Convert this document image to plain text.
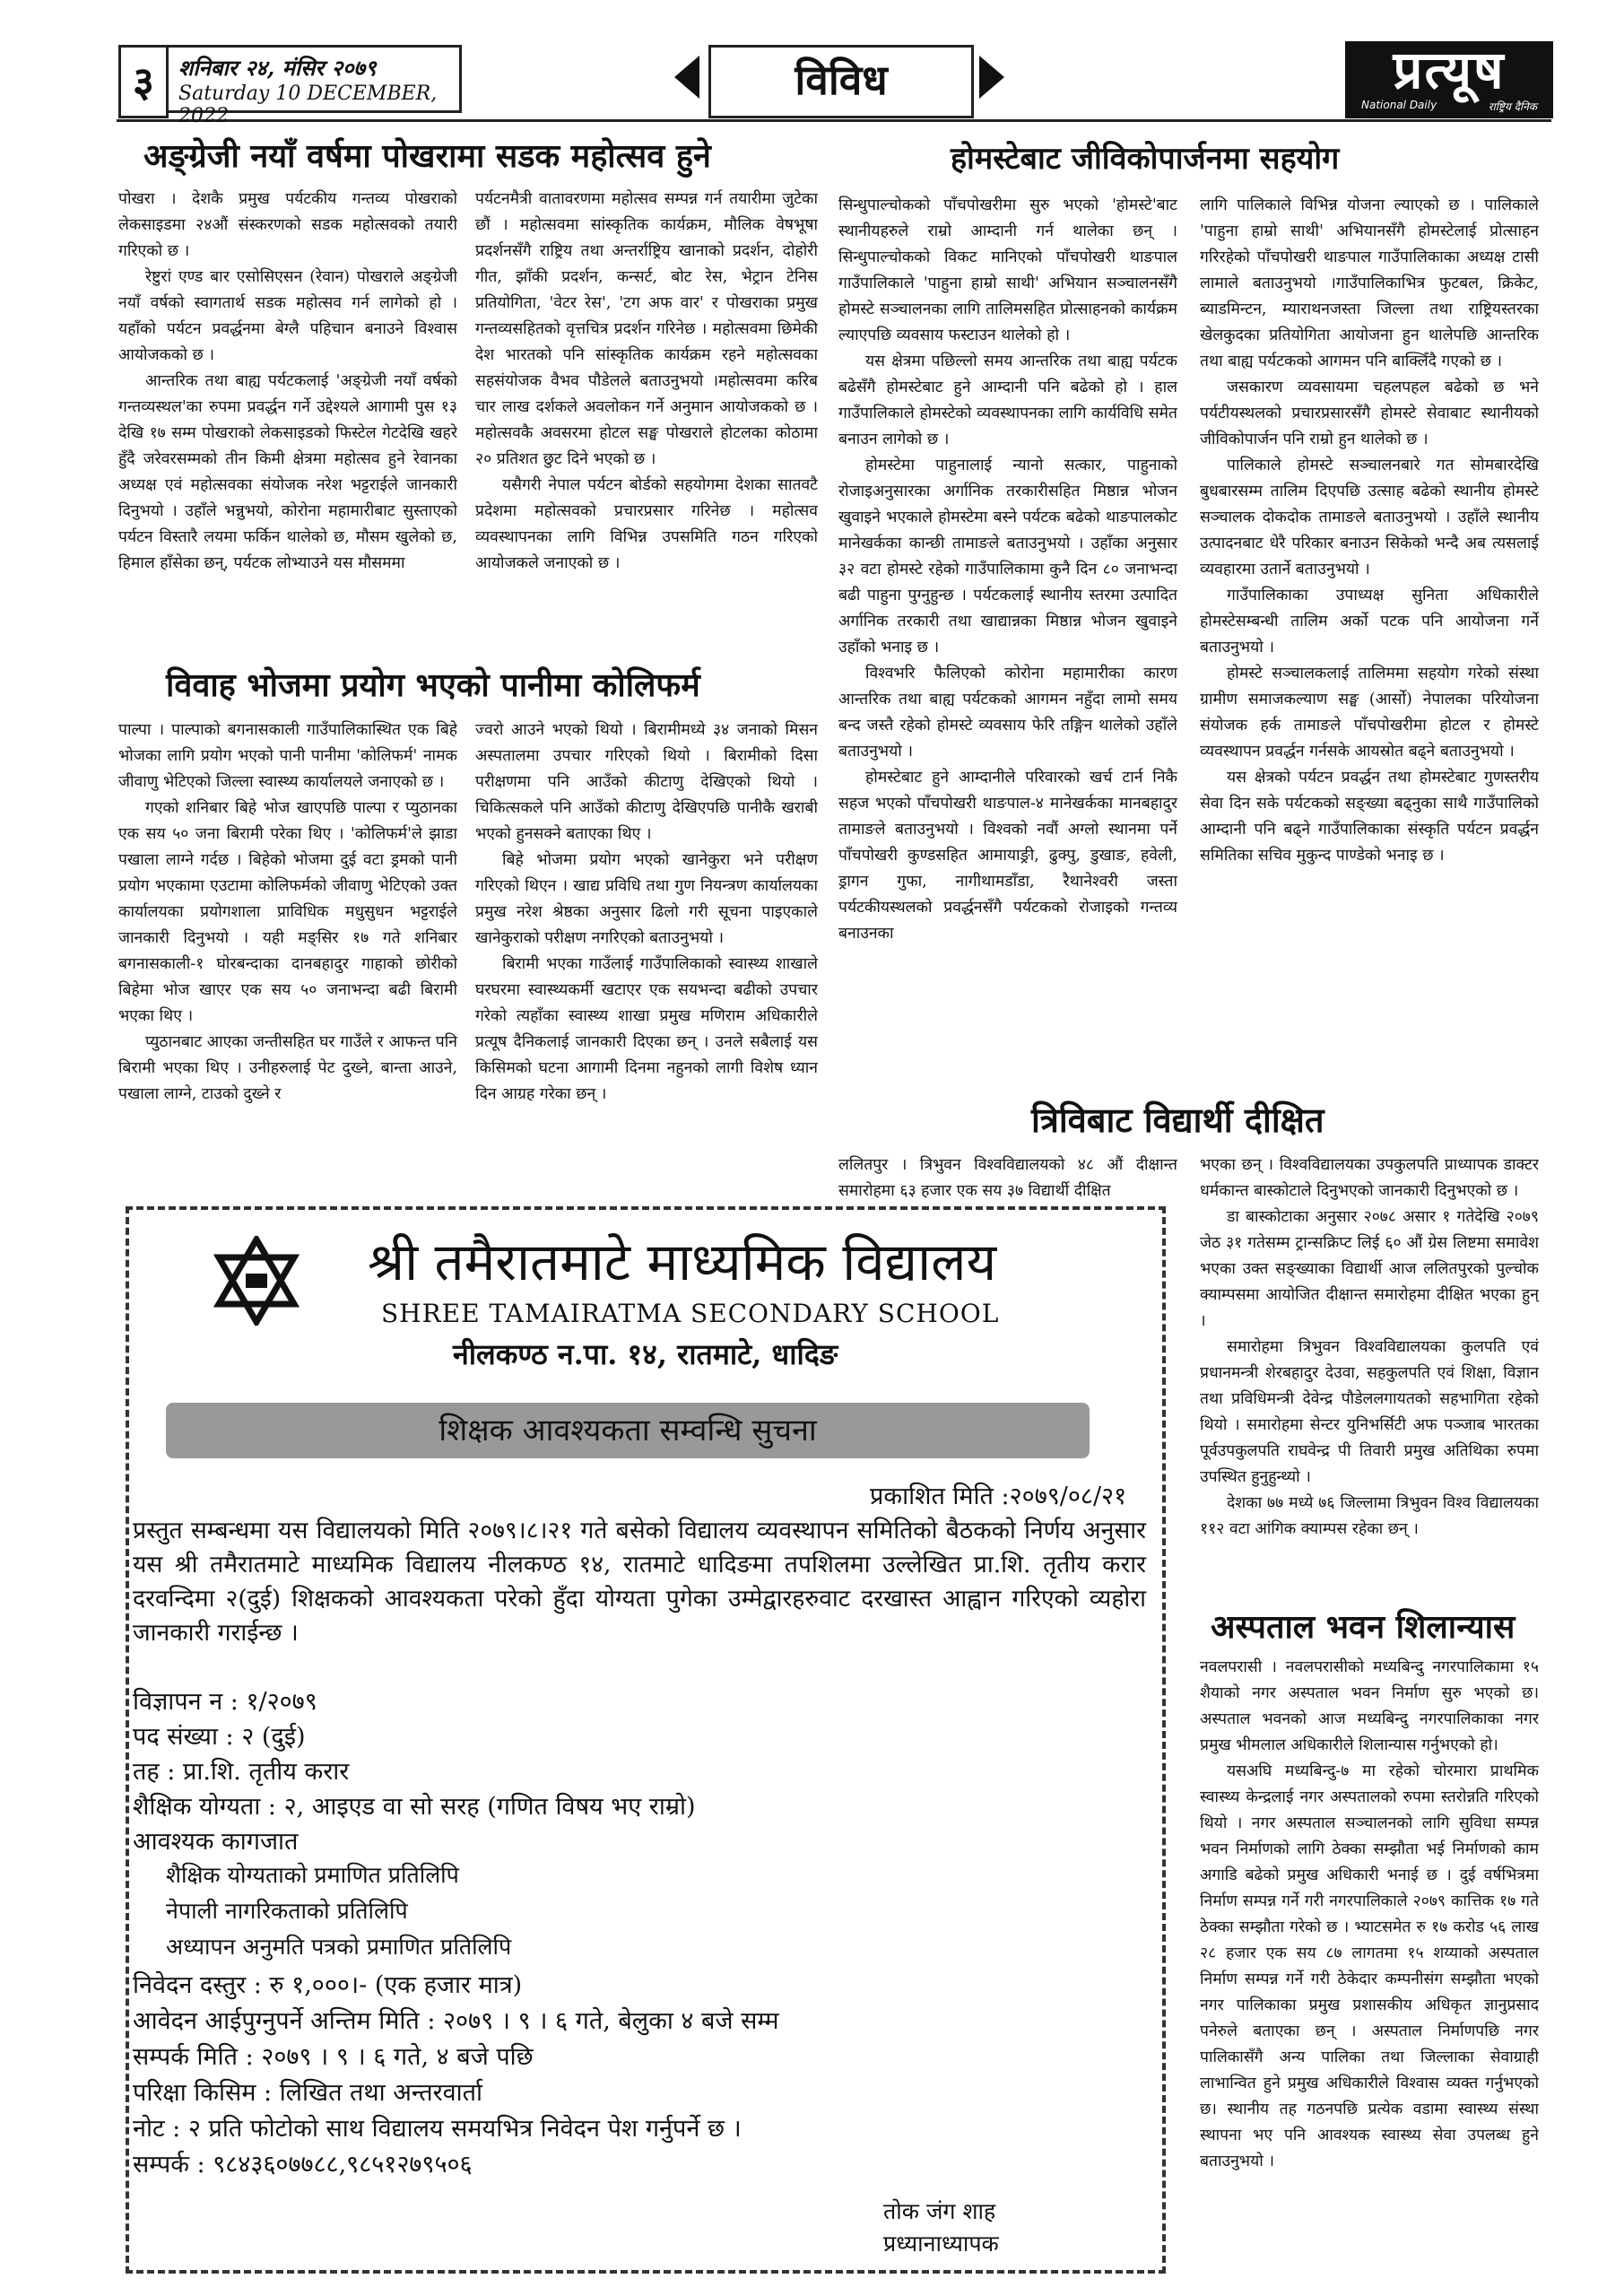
३	शनिबार २४, मंसिर २०७९
Saturday 10 DECEMBER, 2022
विविध	प्रत्यूष
National Daily	राष्ट्रिय दैनिक
अङ्ग्रेजी नयाँ वर्षमा पोखरामा सडक महोत्सव हुने

पोखरा । देशकै प्रमुख पर्यटकीय गन्तव्य पोखराको लेकसाइडमा २४औं संस्करणको सडक महोत्सवको तयारी गरिएको छ ।

रेष्टुरां एण्ड बार एसोसिएसन (रेवान) पोखराले अङ्ग्रेजी नयाँ वर्षको स्वागतार्थ सडक महोत्सव गर्न लागेको हो । यहाँको पर्यटन प्रवर्द्धनमा बेग्लै पहिचान बनाउने विश्वास आयोजकको छ ।

आन्तरिक तथा बाह्य पर्यटकलाई 'अङ्ग्रेजी नयाँ वर्षको गन्तव्यस्थल'का रुपमा प्रवर्द्धन गर्ने उद्देश्यले आगामी पुस १३ देखि १७ सम्म पोखराको लेकसाइडको फिस्टेल गेटदेखि खहरे हुँदै जरेवरसम्मको तीन किमी क्षेत्रमा महोत्सव हुने रेवानका अध्यक्ष एवं महोत्सवका संयोजक नरेश भट्टराईले जानकारी दिनुभयो । उहाँले भन्नुभयो, कोरोना महामारीबाट सुस्ताएको पर्यटन विस्तारै लयमा फर्किन थालेको छ, मौसम खुलेको छ, हिमाल हाँसेका छन्, पर्यटक लोभ्याउने यस मौसममा

पर्यटनमैत्री वातावरणमा महोत्सव सम्पन्न गर्न तयारीमा जुटेका छौं । महोत्सवमा सांस्कृतिक कार्यक्रम, मौलिक वेषभूषा प्रदर्शनसँगै राष्ट्रिय तथा अन्तर्राष्ट्रिय खानाको प्रदर्शन, दोहोरी गीत, झाँकी प्रदर्शन, कन्सर्ट, बोट रेस, भेट्रान टेनिस प्रतियोगिता, 'वेटर रेस', 'टग अफ वार' र पोखराका प्रमुख गन्तव्यसहितको वृत्तचित्र प्रदर्शन गरिनेछ । महोत्सवमा छिमेकी देश भारतको पनि सांस्कृतिक कार्यक्रम रहने महोत्सवका सहसंयोजक वैभव पौडेलले बताउनुभयो ।महोत्सवमा करिब चार लाख दर्शकले अवलोकन गर्ने अनुमान आयोजकको छ । महोत्सवकै अवसरमा होटल सङ्घ पोखराले होटलका कोठामा २० प्रतिशत छुट दिने भएको छ ।

यसैगरी नेपाल पर्यटन बोर्डको सहयोगमा देशका सातवटै प्रदेशमा महोत्सवको प्रचारप्रसार गरिनेछ । महोत्सव व्यवस्थापनका लागि विभिन्न उपसमिति गठन गरिएको आयोजकले जनाएको छ ।

विवाह भोजमा प्रयोग भएको पानीमा कोलिफर्म

पाल्पा । पाल्पाको बगनासकाली गाउँपालिकास्थित एक बिहे भोजका लागि प्रयोग भएको पानी पानीमा 'कोलिफर्म' नामक जीवाणु भेटिएको जिल्ला स्वास्थ्य कार्यालयले जनाएको छ ।

गएको शनिबार बिहे भोज खाएपछि पाल्पा र प्युठानका एक सय ५० जना बिरामी परेका थिए । 'कोलिफर्म'ले झाडा पखाला लाग्ने गर्दछ । बिहेको भोजमा दुई वटा ड्रमको पानी प्रयोग भएकामा एउटामा कोलिफर्मको जीवाणु भेटिएको उक्त कार्यालयका प्रयोगशाला प्राविधिक मधुसुधन भट्टराईले जानकारी दिनुभयो । यही मङ्सिर १७ गते शनिबार बगनासकाली-१ घोरबन्दाका दानबहादुर गाहाको छोरीको बिहेमा भोज खाएर एक सय ५० जनाभन्दा बढी बिरामी भएका थिए ।

प्युठानबाट आएका जन्तीसहित घर गाउँले र आफन्त पनि बिरामी भएका थिए । उनीहरुलाई पेट दुख्ने, बान्ता आउने, पखाला लाग्ने, टाउको दुख्ने र

ज्वरो आउने भएको थियो । बिरामीमध्ये ३४ जनाको मिसन अस्पतालमा उपचार गरिएको थियो । बिरामीको दिसा परीक्षणमा पनि आउँको कीटाणु देखिएको थियो । चिकित्सकले पनि आउँको कीटाणु देखिएपछि पानीकै खराबी भएको हुनसक्ने बताएका थिए ।

बिहे भोजमा प्रयोग भएको खानेकुरा भने परीक्षण गरिएको थिएन । खाद्य प्रविधि तथा गुण नियन्त्रण कार्यालयका प्रमुख नरेश श्रेष्ठका अनुसार ढिलो गरी सूचना पाइएकाले खानेकुराको परीक्षण नगरिएको बताउनुभयो ।

बिरामी भएका गाउँलाई गाउँपालिकाको स्वास्थ्य शाखाले घरघरमा स्वास्थ्यकर्मी खटाएर एक सयभन्दा बढीको उपचार गरेको त्यहाँका स्वास्थ्य शाखा प्रमुख मणिराम अधिकारीले प्रत्यूष दैनिकलाई जानकारी दिएका छन् । उनले सबैलाई यस किसिमको घटना आगामी दिनमा नहुनको लागी विशेष ध्यान दिन आग्रह गरेका छन् ।

होमस्टेबाट जीविकोपार्जनमा सहयोग

सिन्धुपाल्चोकको पाँचपोखरीमा सुरु भएको 'होमस्टे'बाट स्थानीयहरुले राम्रो आम्दानी गर्न थालेका छन् । सिन्धुपाल्चोकको विकट मानिएको पाँचपोखरी थाङपाल गाउँपालिकाले 'पाहुना हाम्रो साथी' अभियान सञ्चालनसँगै होमस्टे सञ्चालनका लागि तालिमसहित प्रोत्साहनको कार्यक्रम ल्याएपछि व्यवसाय फस्टाउन थालेको हो ।

यस क्षेत्रमा पछिल्लो समय आन्तरिक तथा बाह्य पर्यटक बढेसँगै होमस्टेबाट हुने आम्दानी पनि बढेको हो । हाल गाउँपालिकाले होमस्टेको व्यवस्थापनका लागि कार्यविधि समेत बनाउन लागेको छ ।

होमस्टेमा पाहुनालाई न्यानो सत्कार, पाहुनाको रोजाइअनुसारका अर्गानिक तरकारीसहित मिष्ठान्न भोजन खुवाइने भएकाले होमस्टेमा बस्ने पर्यटक बढेको थाङपालकोट मानेखर्कका कान्छी तामाङले बताउनुभयो । उहाँका अनुसार ३२ वटा होमस्टे रहेको गाउँपालिकामा कुनै दिन ८० जनाभन्दा बढी पाहुना पुग्नुहुन्छ । पर्यटकलाई स्थानीय स्तरमा उत्पादित अर्गानिक तरकारी तथा खाद्यान्नका मिष्ठान्न भोजन खुवाइने उहाँको भनाइ छ ।

विश्वभरि फैलिएको कोरोना महामारीका कारण आन्तरिक तथा बाह्य पर्यटकको आगमन नहुँदा लामो समय बन्द जस्तै रहेको होमस्टे व्यवसाय फेरि तङ्गिन थालेको उहाँले बताउनुभयो ।

होमस्टेबाट हुने आम्दानीले परिवारको खर्च टार्न निकै सहज भएको पाँचपोखरी थाङपाल-४ मानेखर्कका मानबहादुर तामाङले बताउनुभयो । विश्वको नवौं अग्लो स्थानमा पर्ने पाँचपोखरी कुण्डसहित आमायाङ्री, ढुक्पु, डुखाङ, हवेली, ड्रागन गुफा, नागीथामडाँडा, रैथानेश्वरी जस्ता पर्यटकीयस्थलको प्रवर्द्धनसँगै पर्यटकको रोजाइको गन्तव्य बनाउनका

लागि पालिकाले विभिन्न योजना ल्याएको छ । पालिकाले 'पाहुना हाम्रो साथी' अभियानसँगै होमस्टेलाई प्रोत्साहन गरिरहेको पाँचपोखरी थाङपाल गाउँपालिकाका अध्यक्ष टासी लामाले बताउनुभयो ।गाउँपालिकाभित्र फुटबल, क्रिकेट, ब्याडमिन्टन, म्याराथनजस्ता जिल्ला तथा राष्ट्रियस्तरका खेलकुदका प्रतियोगिता आयोजना हुन थालेपछि आन्तरिक तथा बाह्य पर्यटकको आगमन पनि बाक्लिँदै गएको छ ।

जसकारण व्यवसायमा चहलपहल बढेको छ भने पर्यटीयस्थलको प्रचारप्रसारसँगै होमस्टे सेवाबाट स्थानीयको जीविकोपार्जन पनि राम्रो हुन थालेको छ ।

पालिकाले होमस्टे सञ्चालनबारे गत सोमबारदेखि बुधबारसम्म तालिम दिएपछि उत्साह बढेको स्थानीय होमस्टे सञ्चालक दोकदोक तामाङले बताउनुभयो । उहाँले स्थानीय उत्पादनबाट धेरै परिकार बनाउन सिकेको भन्दै अब त्यसलाई व्यवहारमा उतार्ने बताउनुभयो ।

गाउँपालिकाका उपाध्यक्ष सुनिता अधिकारीले होमस्टेसम्बन्धी तालिम अर्को पटक पनि आयोजना गर्ने बताउनुभयो ।

होमस्टे सञ्चालकलाई तालिममा सहयोग गरेको संस्था ग्रामीण समाजकल्याण सङ्घ (आर्सो) नेपालका परियोजना संयोजक हर्क तामाङले पाँचपोखरीमा होटल र होमस्टे व्यवस्थापन प्रवर्द्धन गर्नसके आयस्रोत बढ्ने बताउनुभयो ।

यस क्षेत्रको पर्यटन प्रवर्द्धन तथा होमस्टेबाट गुणस्तरीय सेवा दिन सके पर्यटकको सङ्ख्या बढ्नुका साथै गाउँपालिको आम्दानी पनि बढ्ने गाउँपालिकाका संस्कृति पर्यटन प्रवर्द्धन समितिका सचिव मुकुन्द पाण्डेको भनाइ छ ।

त्रिविबाट विद्यार्थी दीक्षित

ललितपुर । त्रिभुवन विश्वविद्यालयको ४८ औं दीक्षान्त समारोहमा ६३ हजार एक सय ३७ विद्यार्थी दीक्षित

भएका छन् । विश्वविद्यालयका उपकुलपति प्राध्यापक डाक्टर धर्मकान्त बास्कोटाले दिनुभएको जानकारी दिनुभएको छ ।

डा बास्कोटाका अनुसार २०७८ असार १ गतेदेखि २०७९ जेठ ३१ गतेसम्म ट्रान्सक्रिप्ट लिई ६० औं ग्रेस लिष्टमा समावेश भएका उक्त सङ्ख्याका विद्यार्थी आज ललितपुरको पुल्चोक क्याम्पसमा आयोजित दीक्षान्त समारोहमा दीक्षित भएका हुन् ।

समारोहमा त्रिभुवन विश्वविद्यालयका कुलपति एवं प्रधानमन्त्री शेरबहादुर देउवा, सहकुलपति एवं शिक्षा, विज्ञान तथा प्रविधिमन्त्री देवेन्द्र पौडेललगायतको सहभागिता रहेको थियो । समारोहमा सेन्टर युनिभर्सिटी अफ पञ्जाब भारतका पूर्वउपकुलपति राघवेन्द्र पी तिवारी प्रमुख अतिथिका रुपमा उपस्थित हुनुहुन्थ्यो ।

देशका ७७ मध्ये ७६ जिल्लामा त्रिभुवन विश्व विद्यालयका ११२ वटा आंगिक क्याम्पस रहेका छन् ।

अस्पताल भवन शिलान्यास

नवलपरासी । नवलपरासीको मध्यबिन्दु नगरपालिकामा १५ शैयाको नगर अस्पताल भवन निर्माण सुरु भएको छ। अस्पताल भवनको आज मध्यबिन्दु नगरपालिकाका नगर प्रमुख भीमलाल अधिकारीले शिलान्यास गर्नुभएको हो।

यसअघि मध्यबिन्दु-७ मा रहेको चोरमारा प्राथमिक स्वास्थ्य केन्द्रलाई नगर अस्पतालको रुपमा स्तरोन्नति गरिएको थियो । नगर अस्पताल सञ्चालनको लागि सुविधा सम्पन्न भवन निर्माणको लागि ठेक्का सम्झौता भई निर्माणको काम अगाडि बढेको प्रमुख अधिकारी भनाई छ । दुई वर्षभित्रमा निर्माण सम्पन्न गर्ने गरी नगरपालिकाले २०७९ कात्तिक १७ गते ठेक्का सम्झौता गरेको छ । भ्याटसमेत रु १७ करोड ५६ लाख २८ हजार एक सय ८७ लागतमा १५ शय्याको अस्पताल निर्माण सम्पन्न गर्ने गरी ठेकेदार कम्पनीसंग सम्झौता भएको नगर पालिकाका प्रमुख प्रशासकीय अधिकृत ज्ञानुप्रसाद पनेरुले बताएका छन् । अस्पताल निर्माणपछि नगर पालिकासँगै अन्य पालिका तथा जिल्लाका सेवाग्राही लाभान्वित हुने प्रमुख अधिकारीले विश्वास व्यक्त गर्नुभएको छ। स्थानीय तह गठनपछि प्रत्येक वडामा स्वास्थ्य संस्था स्थापना भए पनि आवश्यक स्वास्थ्य सेवा उपलब्ध हुने बताउनुभयो ।

श्री तमैरातमाटे माध्यमिक विद्यालय
SHREE TAMAIRATMA SECONDARY SCHOOL
नीलकण्ठ न.पा. १४, रातमाटे, धादिङ
शिक्षक आवश्यकता सम्वन्धि सुचना
प्रकाशित मिति :२०७९/०८/२१
प्रस्तुत सम्बन्धमा यस विद्यालयको मिति २०७९।८।२१ गते बसेको विद्यालय व्यवस्थापन समितिको बैठकको निर्णय अनुसार यस श्री तमैरातमाटे माध्यमिक विद्यालय नीलकण्ठ १४, रातमाटे धादिङमा तपशिलमा उल्लेखित प्रा.शि. तृतीय करार दरवन्दिमा २(दुई) शिक्षकको आवश्यकता परेको हुँदा योग्यता पुगेका उम्मेद्वारहरुवाट दरखास्त आह्वान गरिएको व्यहोरा जानकारी गराईन्छ ।
विज्ञापन न : १/२०७९
पद संख्या : २ (दुई)
तह : प्रा.शि. तृतीय करार
शैक्षिक योग्यता : २, आइएड वा सो सरह (गणित विषय भए राम्रो)
आवश्यक कागजात
शैक्षिक योग्यताको प्रमाणित प्रतिलिपि
नेपाली नागरिकताको प्रतिलिपि
अध्यापन अनुमति पत्रको प्रमाणित प्रतिलिपि
निवेदन दस्तुर : रु १,०००।- (एक हजार मात्र)
आवेदन आईपुग्नुपर्ने अन्तिम मिति : २०७९ । ९ । ६ गते, बेलुका ४ बजे सम्म
सम्पर्क मिति : २०७९ । ९ । ६ गते, ४ बजे पछि
परिक्षा किसिम : लिखित तथा अन्तरवार्ता
नोट : २ प्रति फोटोको साथ विद्यालय समयभित्र निवेदन पेश गर्नुपर्ने छ ।
सम्पर्क : ९८४३६०७७८८,९८५१२७९५०६
तोक जंग शाह
प्रध्यानाध्यापक
